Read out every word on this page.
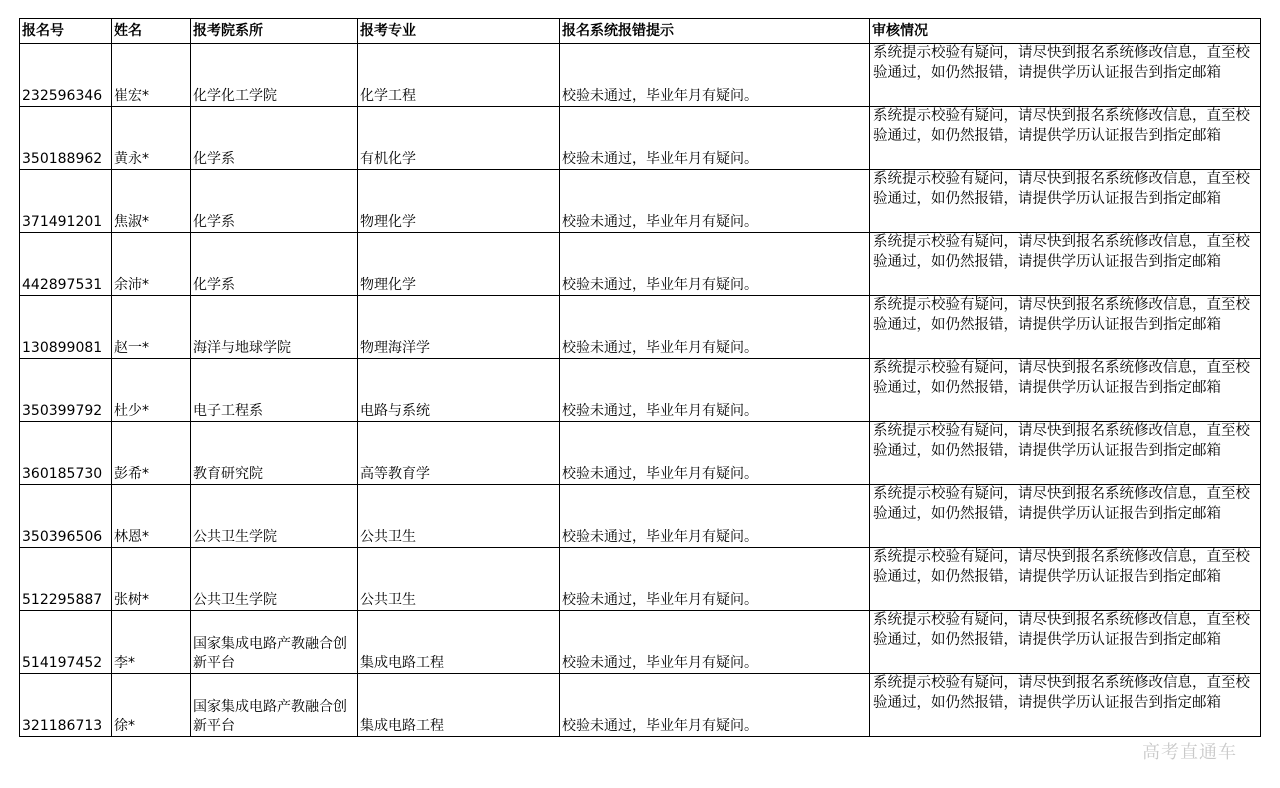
报名号	姓名	报考院系所	报考专业	报名系统报错提示	审核情况
232596346	崔宏*	化学化工学院	化学工程	校验未通过，毕业年月有疑问。	系统提示校验有疑问，请尽快到报名系统修改信息，直至校验通过，如仍然报错，请提供学历认证报告到指定邮箱
350188962	黄永*	化学系	有机化学	校验未通过，毕业年月有疑问。	系统提示校验有疑问，请尽快到报名系统修改信息，直至校验通过，如仍然报错，请提供学历认证报告到指定邮箱
371491201	焦淑*	化学系	物理化学	校验未通过，毕业年月有疑问。	系统提示校验有疑问，请尽快到报名系统修改信息，直至校验通过，如仍然报错，请提供学历认证报告到指定邮箱
442897531	余沛*	化学系	物理化学	校验未通过，毕业年月有疑问。	系统提示校验有疑问，请尽快到报名系统修改信息，直至校验通过，如仍然报错，请提供学历认证报告到指定邮箱
130899081	赵一*	海洋与地球学院	物理海洋学	校验未通过，毕业年月有疑问。	系统提示校验有疑问，请尽快到报名系统修改信息，直至校验通过，如仍然报错，请提供学历认证报告到指定邮箱
350399792	杜少*	电子工程系	电路与系统	校验未通过，毕业年月有疑问。	系统提示校验有疑问，请尽快到报名系统修改信息，直至校验通过，如仍然报错，请提供学历认证报告到指定邮箱
360185730	彭希*	教育研究院	高等教育学	校验未通过，毕业年月有疑问。	系统提示校验有疑问，请尽快到报名系统修改信息，直至校验通过，如仍然报错，请提供学历认证报告到指定邮箱
350396506	林恩*	公共卫生学院	公共卫生	校验未通过，毕业年月有疑问。	系统提示校验有疑问，请尽快到报名系统修改信息，直至校验通过，如仍然报错，请提供学历认证报告到指定邮箱
512295887	张树*	公共卫生学院	公共卫生	校验未通过，毕业年月有疑问。	系统提示校验有疑问，请尽快到报名系统修改信息，直至校验通过，如仍然报错，请提供学历认证报告到指定邮箱
514197452	李*	国家集成电路产教融合创新平台	集成电路工程	校验未通过，毕业年月有疑问。	系统提示校验有疑问，请尽快到报名系统修改信息，直至校验通过，如仍然报错，请提供学历认证报告到指定邮箱
321186713	徐*	国家集成电路产教融合创新平台	集成电路工程	校验未通过，毕业年月有疑问。	系统提示校验有疑问，请尽快到报名系统修改信息，直至校验通过，如仍然报错，请提供学历认证报告到指定邮箱
高考直通车
